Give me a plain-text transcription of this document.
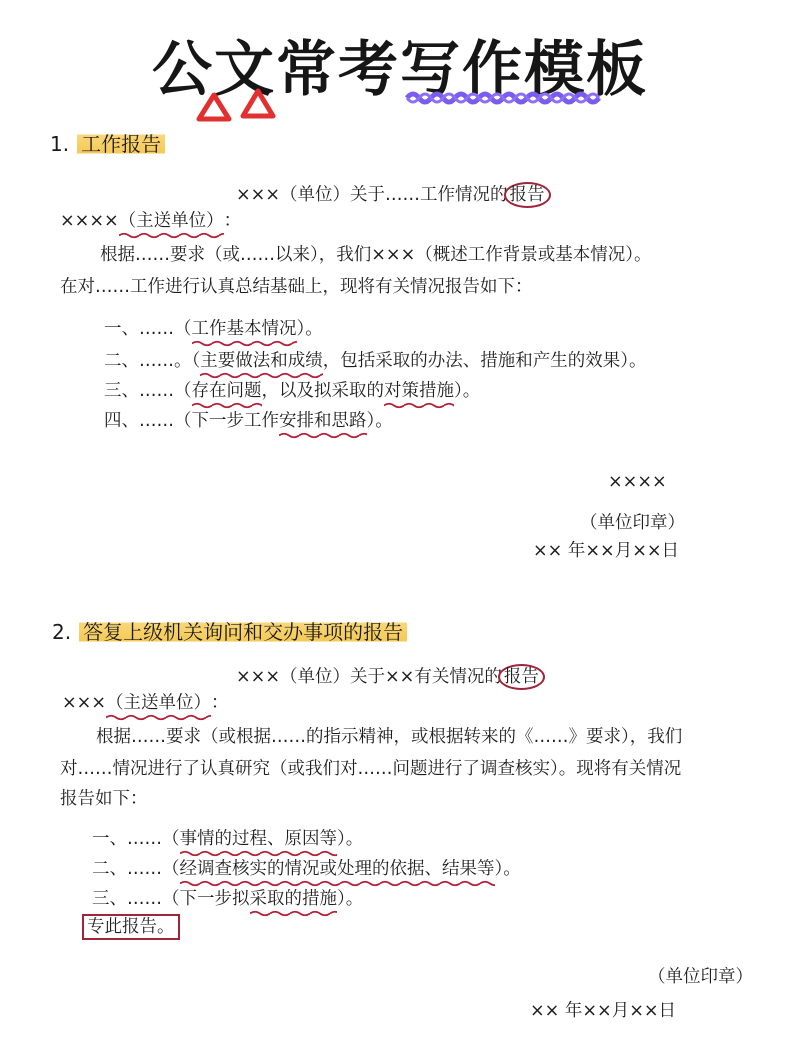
公文常考写作模板
1. 工作报告
×××（单位）关于……工作情况的 报告
××××（主送单位）：
根据……要求（或……以来），我们×××（概述工作背景或基本情况）。
在对……工作进行认真总结基础上，现将有关情况报告如下：
一、……（工作基本情况）。
二、……。（主要做法和成绩，包括采取的办法、措施和产生的效果）。
三、……（存在问题，以及拟采取的对策措施）。
四、……（下一步工作安排和思路）。
××××
（单位印章）
×× 年××月××日
2. 答复上级机关询问和交办事项的报告
×××（单位）关于××有关情况的 报告
×××（主送单位）：
根据……要求（或根据……的指示精神，或根据转来的《……》要求），我们
对……情况进行了认真研究（或我们对……问题进行了调查核实）。现将有关情况
报告如下：
一、……（事情的过程、原因等）。
二、……（经调查核实的情况或处理的依据、结果等）。
三、……（下一步拟采取的措施）。
专此报告。
（单位印章）
×× 年××月××日
